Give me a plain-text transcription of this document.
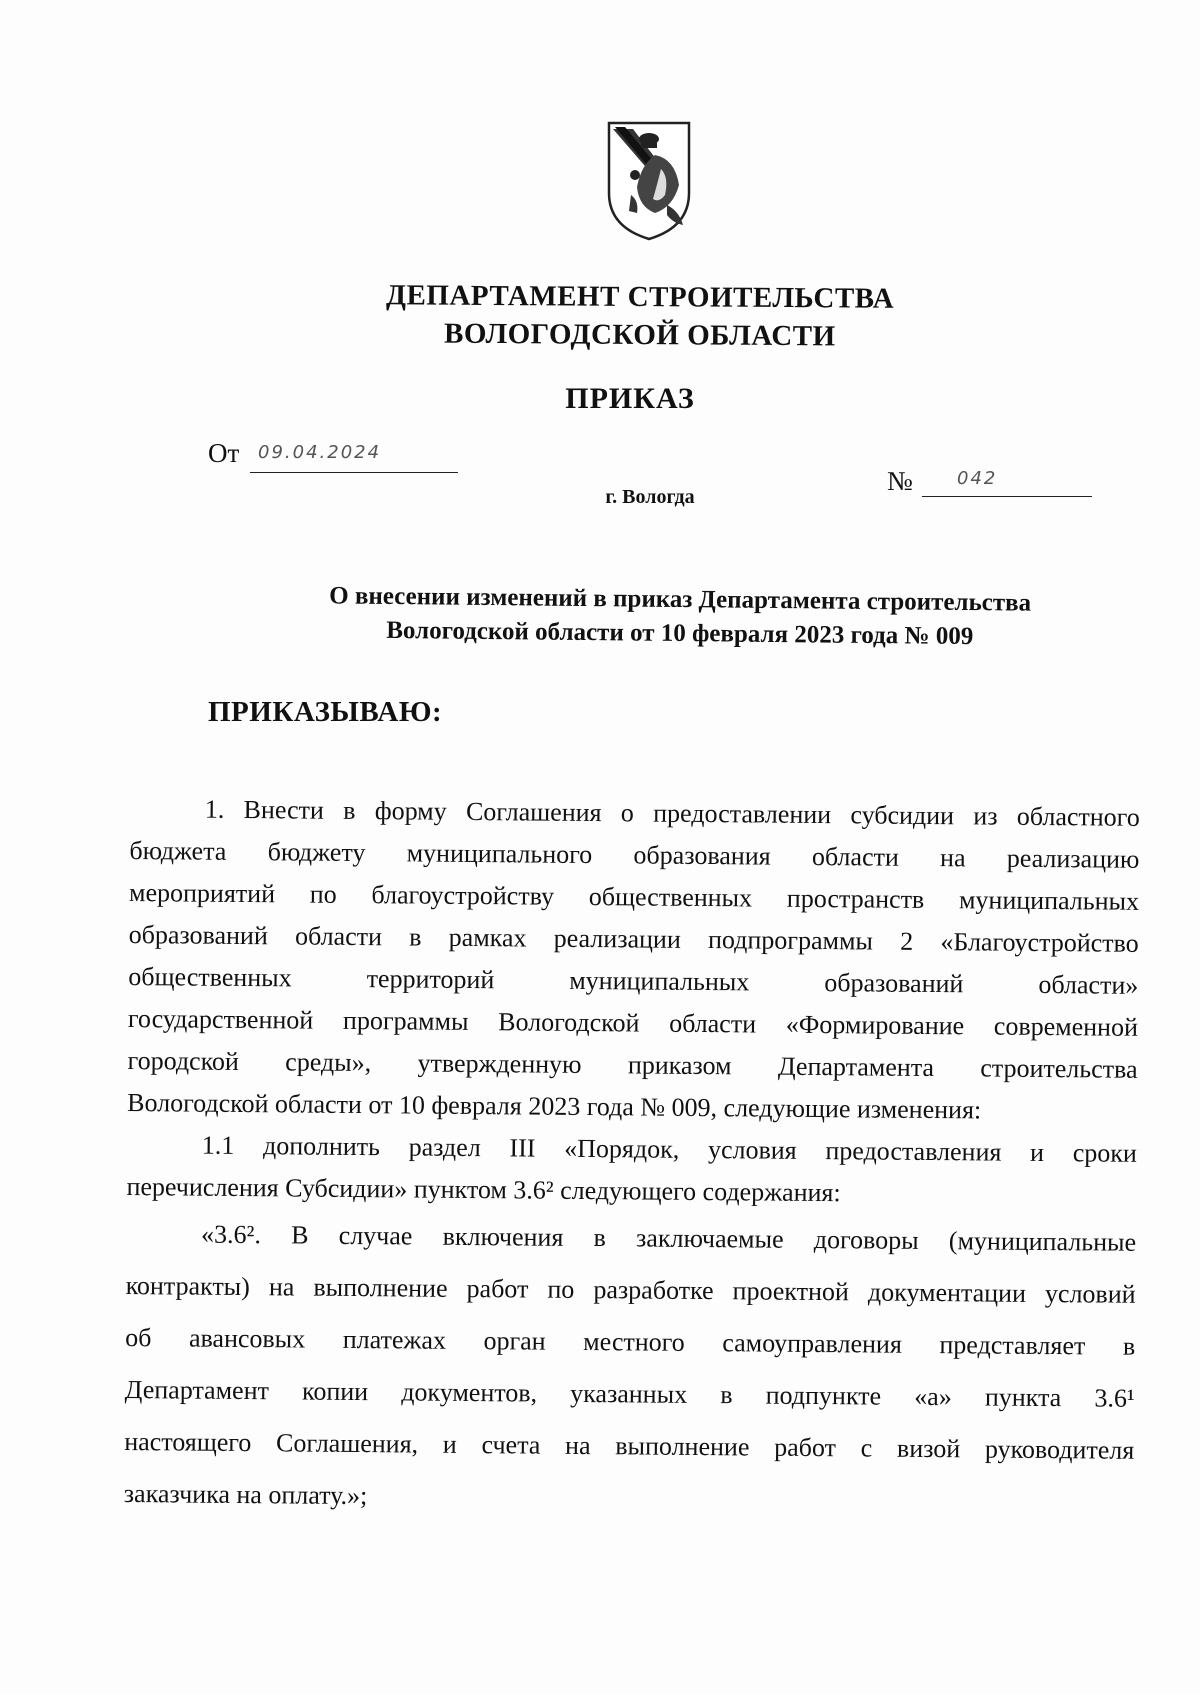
ДЕПАРТАМЕНТ СТРОИТЕЛЬСТВА
ВОЛОГОДСКОЙ ОБЛАСТИ
ПРИКАЗ
От 09.04.2024
№ 042
г. Вологда
О внесении изменений в приказ Департамента строительства
Вологодской области от 10 февраля 2023 года № 009
ПРИКАЗЫВАЮ:
1. Внести в форму Соглашения о предоставлении субсидии из областного
бюджета бюджету муниципального образования области на реализацию
мероприятий по благоустройству общественных пространств муниципальных
образований области в рамках реализации подпрограммы 2 «Благоустройство
общественных территорий муниципальных образований области»
государственной программы Вологодской области «Формирование современной
городской среды», утвержденную приказом Департамента строительства
Вологодской области от 10 февраля 2023 года № 009, следующие изменения:
1.1 дополнить раздел III «Порядок, условия предоставления и сроки
перечисления Субсидии» пунктом 3.6² следующего содержания:
«3.6². В случае включения в заключаемые договоры (муниципальные
контракты) на выполнение работ по разработке проектной документации условий
об авансовых платежах орган местного самоуправления представляет в
Департамент копии документов, указанных в подпункте «а» пункта 3.6¹
настоящего Соглашения, и счета на выполнение работ с визой руководителя
заказчика на оплату.»;
